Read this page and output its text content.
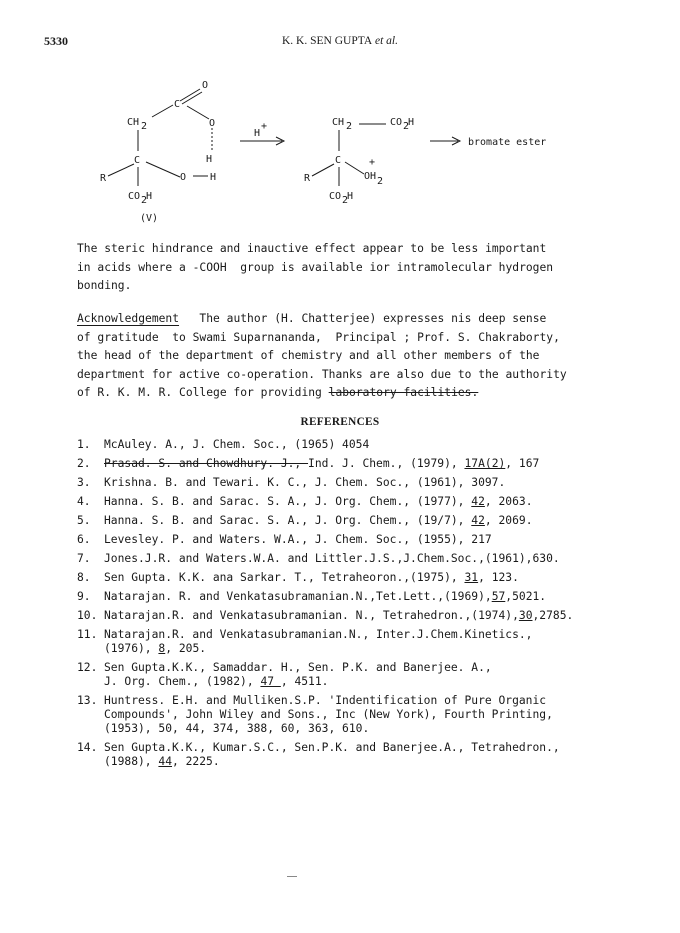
5330	K. K. SEN GUPTA et al.
O
C
CH 2	O
C	H
R	O H
CO 2
H
(V)
H
+	CH 2	CO 2
H
C	+
OH 2
R
CO 2
H
bromate ester
The steric hindrance and inauctive effect appear to be less important
in acids where a -COOH  group is available ior intramolecular hydrogen
bonding.
Acknowledgement   The author (H. Chatterjee) expresses nis deep sense
of gratitude  to Swami Suparnananda,  Principal ; Prof. S. Chakraborty,
the head of the department of chemistry and all other members of the
department for active co-operation. Thanks are also due to the authority
of R. K. M. R. College for providing laboratory facilities.
REFERENCES
1. McAuley. A., J. Chem. Soc., (1965) 4054
2. Prasad. S. and Chowdhury. J., Ind. J. Chem., (1979), 17A(2), 167
3. Krishna. B. and Tewari. K. C., J. Chem. Soc., (1961), 3097.
4. Hanna. S. B. and Sarac. S. A., J. Org. Chem., (1977), 42, 2063.
5. Hanna. S. B. and Sarac. S. A., J. Org. Chem., (19/7), 42, 2069.
6. Levesley. P. and Waters. W.A., J. Chem. Soc., (1955), 217
7. Jones.J.R. and Waters.W.A. and Littler.J.S.,J.Chem.Soc.,(1961),630.
8. Sen Gupta. K.K. ana Sarkar. T., Tetraheoron.,(1975), 31, 123.
9. Natarajan. R. and Venkatasubramanian.N.,Tet.Lett.,(1969),57,5021.
10. Natarajan.R. and Venkatasubramanian. N., Tetrahedron.,(1974),30,2785.
11. Natarajan.R. and Venkatasubramanian.N., Inter.J.Chem.Kinetics.,
(1976), 8, 205.
12. Sen Gupta.K.K., Samaddar. H., Sen. P.K. and Banerjee. A.,
J. Org. Chem., (1982), 47 , 4511.
13. Huntress. E.H. and Mulliken.S.P. 'Indentification of Pure Organic
Compounds', John Wiley and Sons., Inc (New York), Fourth Printing,
(1953), 50, 44, 374, 388, 60, 363, 610.
14. Sen Gupta.K.K., Kumar.S.C., Sen.P.K. and Banerjee.A., Tetrahedron.,
(1988), 44, 2225.
